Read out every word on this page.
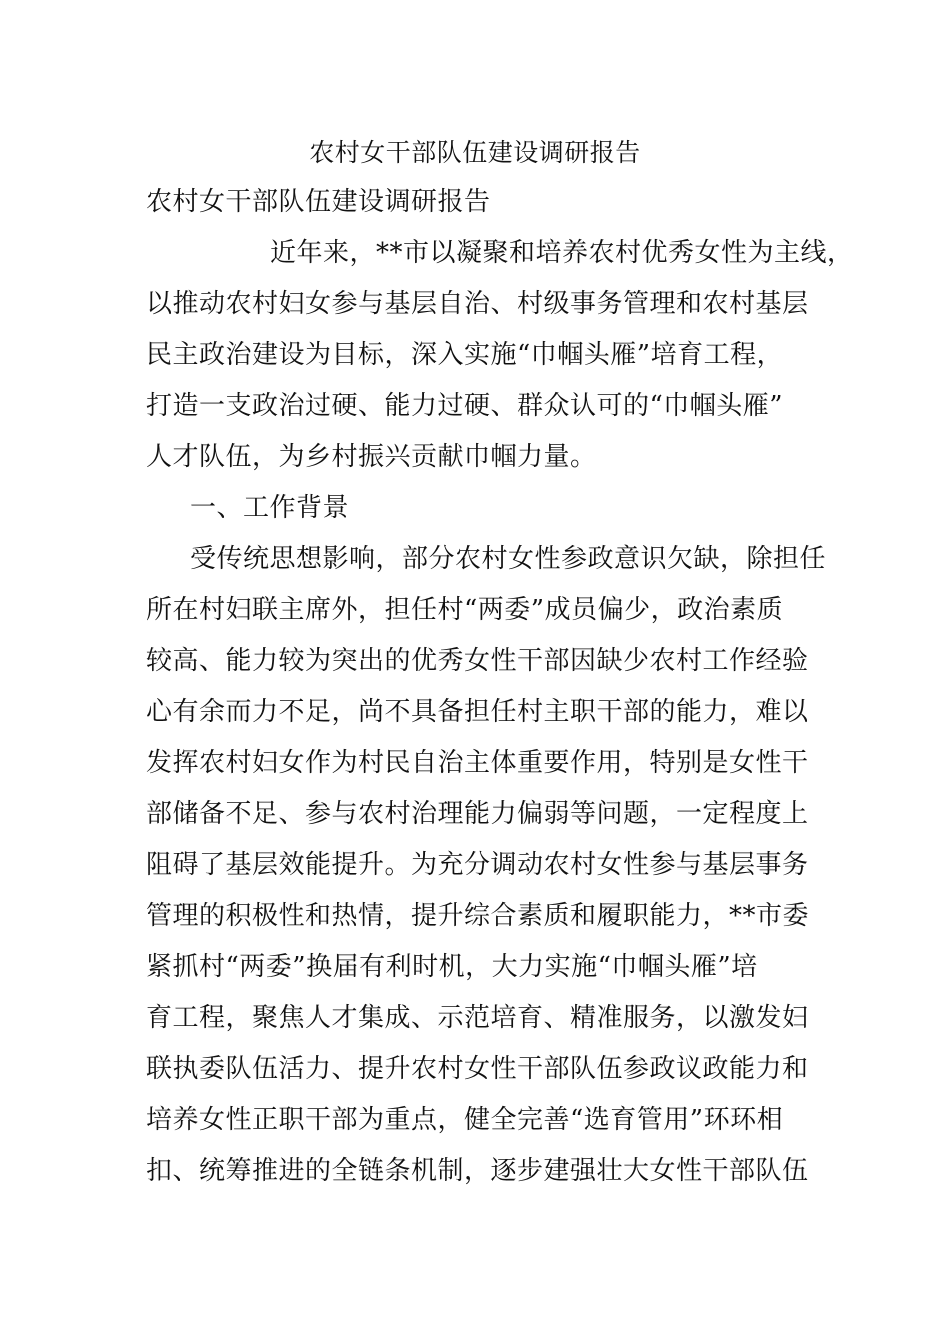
农村女干部队伍建设调研报告
农村女干部队伍建设调研报告
近年来，**市以凝聚和培养农村优秀女性为主线，
以推动农村妇女参与基层自治、村级事务管理和农村基层
民主政治建设为目标，深入实施“巾帼头雁”培育工程，
打造一支政治过硬、能力过硬、群众认可的“巾帼头雁”
人才队伍，为乡村振兴贡献巾帼力量。
一、工作背景
受传统思想影响，部分农村女性参政意识欠缺，除担任
所在村妇联主席外，担任村“两委”成员偏少，政治素质
较高、能力较为突出的优秀女性干部因缺少农村工作经验
心有余而力不足，尚不具备担任村主职干部的能力，难以
发挥农村妇女作为村民自治主体重要作用，特别是女性干
部储备不足、参与农村治理能力偏弱等问题，一定程度上
阻碍了基层效能提升。为充分调动农村女性参与基层事务
管理的积极性和热情，提升综合素质和履职能力，**市委
紧抓村“两委”换届有利时机，大力实施“巾帼头雁”培
育工程，聚焦人才集成、示范培育、精准服务，以激发妇
联执委队伍活力、提升农村女性干部队伍参政议政能力和
培养女性正职干部为重点，健全完善“选育管用”环环相
扣、统筹推进的全链条机制，逐步建强壮大女性干部队伍
